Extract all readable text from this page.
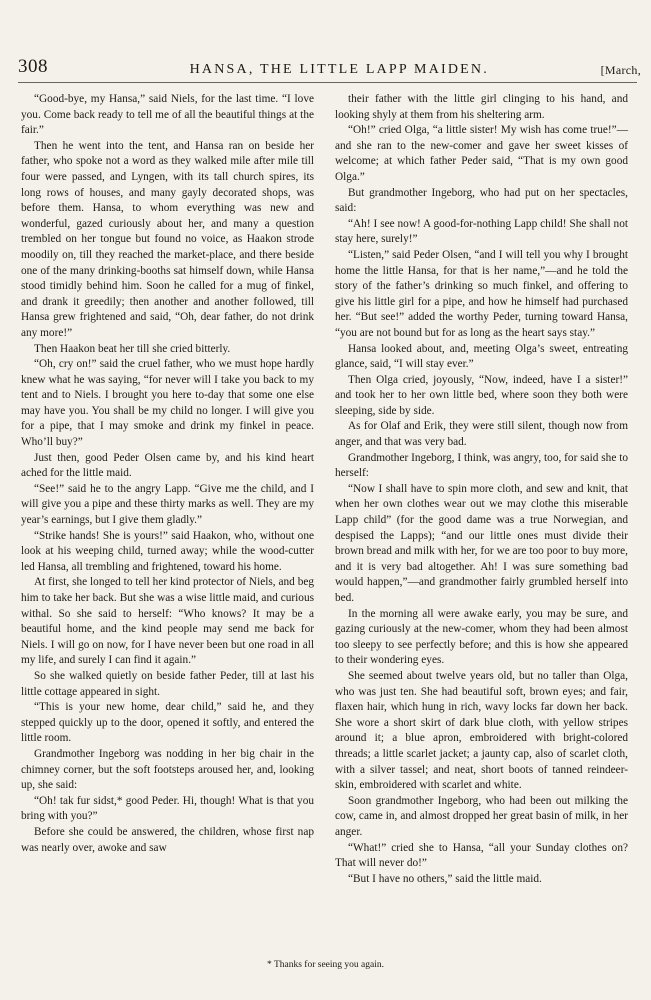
308	HANSA, THE LITTLE LAPP MAIDEN.	[March,

“Good-bye, my Hansa,” said Niels, for the last time. “I love you. Come back ready to tell me of all the beautiful things at the fair.”

Then he went into the tent, and Hansa ran on beside her father, who spoke not a word as they walked mile after mile till four were passed, and Lyngen, with its tall church spires, its long rows of houses, and many gayly decorated shops, was before them. Hansa, to whom everything was new and wonderful, gazed curiously about her, and many a question trembled on her tongue but found no voice, as Haakon strode moodily on, till they reached the market-place, and there beside one of the many drinking-booths sat himself down, while Hansa stood timidly behind him. Soon he called for a mug of finkel, and drank it greedily; then another and another followed, till Hansa grew frightened and said, “Oh, dear father, do not drink any more!”

Then Haakon beat her till she cried bitterly.

“Oh, cry on!” said the cruel father, who we must hope hardly knew what he was saying, “for never will I take you back to my tent and to Niels. I brought you here to-day that some one else may have you. You shall be my child no longer. I will give you for a pipe, that I may smoke and drink my finkel in peace. Who’ll buy?”

Just then, good Peder Olsen came by, and his kind heart ached for the little maid.

“See!” said he to the angry Lapp. “Give me the child, and I will give you a pipe and these thirty marks as well. They are my year’s earnings, but I give them gladly.”

“Strike hands! She is yours!” said Haakon, who, without one look at his weeping child, turned away; while the wood-cutter led Hansa, all trembling and frightened, toward his home.

At first, she longed to tell her kind protector of Niels, and beg him to take her back. But she was a wise little maid, and curious withal. So she said to herself: “Who knows? It may be a beautiful home, and the kind people may send me back for Niels. I will go on now, for I have never been but one road in all my life, and surely I can find it again.”

So she walked quietly on beside father Peder, till at last his little cottage appeared in sight.

“This is your new home, dear child,” said he, and they stepped quickly up to the door, opened it softly, and entered the little room.

Grandmother Ingeborg was nodding in her big chair in the chimney corner, but the soft footsteps aroused her, and, looking up, she said:

“Oh! tak fur sidst,* good Peder. Hi, though! What is that you bring with you?”

Before she could be answered, the children, whose first nap was nearly over, awoke and saw

their father with the little girl clinging to his hand, and looking shyly at them from his sheltering arm.

“Oh!” cried Olga, “a little sister! My wish has come true!”—and she ran to the new-comer and gave her sweet kisses of welcome; at which father Peder said, “That is my own good Olga.”

But grandmother Ingeborg, who had put on her spectacles, said:

“Ah! I see now! A good-for-nothing Lapp child! She shall not stay here, surely!”

“Listen,” said Peder Olsen, “and I will tell you why I brought home the little Hansa, for that is her name,”—and he told the story of the father’s drinking so much finkel, and offering to give his little girl for a pipe, and how he himself had purchased her. “But see!” added the worthy Peder, turning toward Hansa, “you are not bound but for as long as the heart says stay.”

Hansa looked about, and, meeting Olga’s sweet, entreating glance, said, “I will stay ever.”

Then Olga cried, joyously, “Now, indeed, have I a sister!” and took her to her own little bed, where soon they both were sleeping, side by side.

As for Olaf and Erik, they were still silent, though now from anger, and that was very bad.

Grandmother Ingeborg, I think, was angry, too, for said she to herself:

“Now I shall have to spin more cloth, and sew and knit, that when her own clothes wear out we may clothe this miserable Lapp child” (for the good dame was a true Norwegian, and despised the Lapps); “and our little ones must divide their brown bread and milk with her, for we are too poor to buy more, and it is very bad altogether. Ah! I was sure something bad would happen,”—and grandmother fairly grumbled herself into bed.

In the morning all were awake early, you may be sure, and gazing curiously at the new-comer, whom they had been almost too sleepy to see perfectly before; and this is how she appeared to their wondering eyes.

She seemed about twelve years old, but no taller than Olga, who was just ten. She had beautiful soft, brown eyes; and fair, flaxen hair, which hung in rich, wavy locks far down her back. She wore a short skirt of dark blue cloth, with yellow stripes around it; a blue apron, embroidered with bright-colored threads; a little scarlet jacket; a jaunty cap, also of scarlet cloth, with a silver tassel; and neat, short boots of tanned reindeer-skin, embroidered with scarlet and white.

Soon grandmother Ingeborg, who had been out milking the cow, came in, and almost dropped her great basin of milk, in her anger.

“What!” cried she to Hansa, “all your Sunday clothes on? That will never do!”

“But I have no others,” said the little maid.

* Thanks for seeing you again.
